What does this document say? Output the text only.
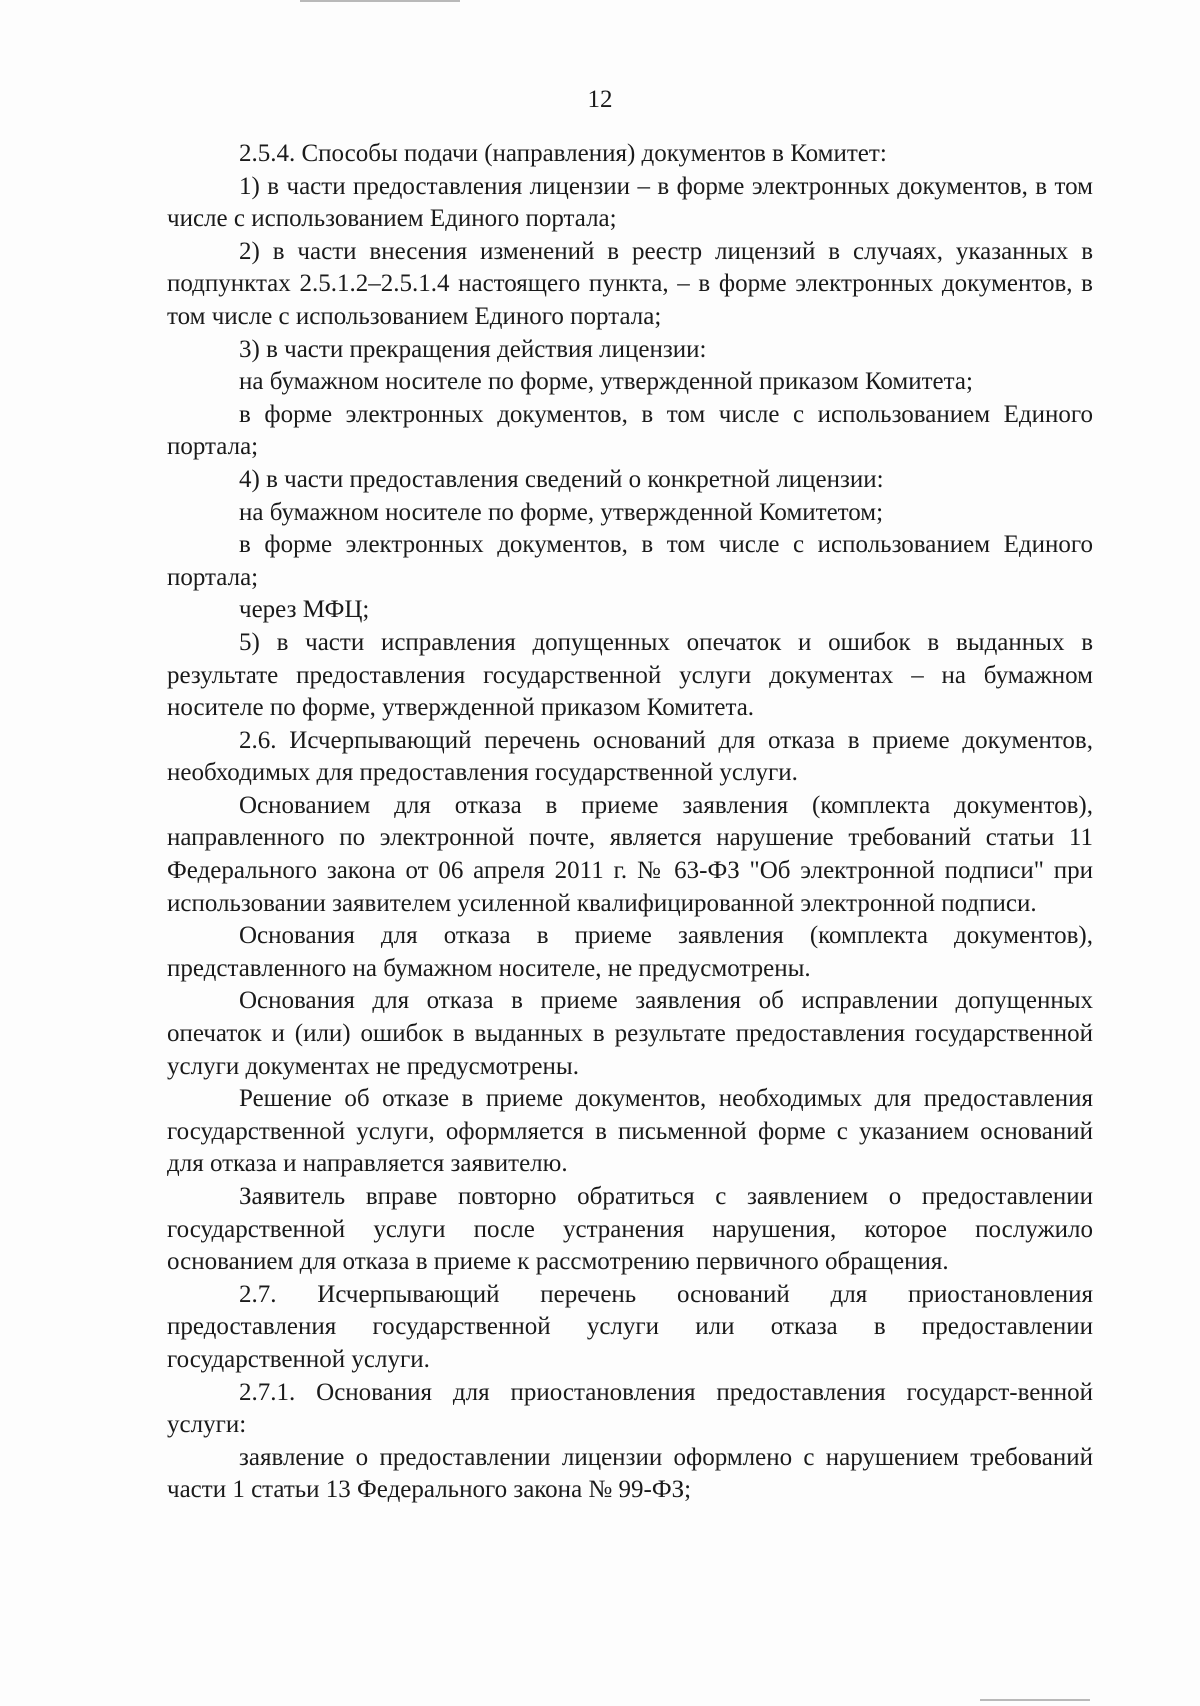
12

2.5.4. Способы подачи (направления) документов в Комитет:

1) в части предоставления лицензии – в форме электронных документов, в том числе с использованием Единого портала;

2) в части внесения изменений в реестр лицензий в случаях, указанных в подпунктах 2.5.1.2–2.5.1.4 настоящего пункта, – в форме электронных документов, в том числе с использованием Единого портала;

3) в части прекращения действия лицензии:

на бумажном носителе по форме, утвержденной приказом Комитета;

в форме электронных документов, в том числе с использованием Единого портала;

4) в части предоставления сведений о конкретной лицензии:

на бумажном носителе по форме, утвержденной Комитетом;

в форме электронных документов, в том числе с использованием Единого портала;

через МФЦ;

5) в части исправления допущенных опечаток и ошибок в выданных в результате предоставления государственной услуги документах – на бумажном носителе по форме, утвержденной приказом Комитета.

2.6. Исчерпывающий перечень оснований для отказа в приеме документов, необходимых для предоставления государственной услуги.

Основанием для отказа в приеме заявления (комплекта документов), направленного по электронной почте, является нарушение требований статьи 11 Федерального закона от 06 апреля 2011 г. № 63-ФЗ "Об электронной подписи" при использовании заявителем усиленной квалифицированной электронной подписи.

Основания для отказа в приеме заявления (комплекта документов), представленного на бумажном носителе, не предусмотрены.

Основания для отказа в приеме заявления об исправлении допущенных опечаток и (или) ошибок в выданных в результате предоставления государственной услуги документах не предусмотрены.

Решение об отказе в приеме документов, необходимых для предоставления государственной услуги, оформляется в письменной форме с указанием оснований для отказа и направляется заявителю.

Заявитель вправе повторно обратиться с заявлением о предоставлении государственной услуги после устранения нарушения, которое послужило основанием для отказа в приеме к рассмотрению первичного обращения.

2.7. Исчерпывающий перечень оснований для приостановления предоставления государственной услуги или отказа в предоставлении государственной услуги.

2.7.1. Основания для приостановления предоставления государст-венной услуги:

заявление о предоставлении лицензии оформлено с нарушением требований части 1 статьи 13 Федерального закона № 99-ФЗ;
